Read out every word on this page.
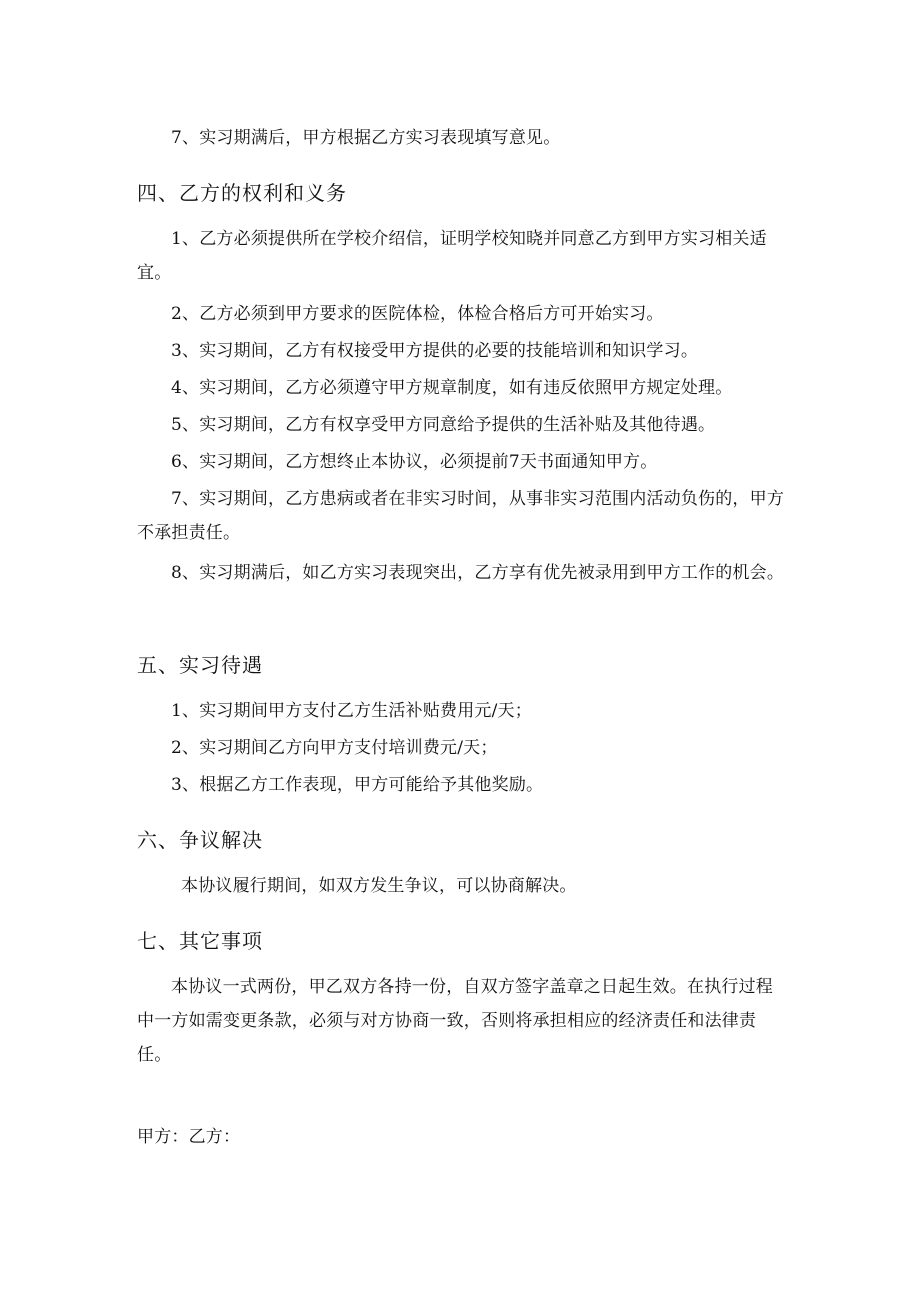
7、实习期满后，甲方根据乙方实习表现填写意见。
四、乙方的权利和义务
1、乙方必须提供所在学校介绍信，证明学校知晓并同意乙方到甲方实习相关适宜。
2、乙方必须到甲方要求的医院体检，体检合格后方可开始实习。
3、实习期间，乙方有权接受甲方提供的必要的技能培训和知识学习。
4、实习期间，乙方必须遵守甲方规章制度，如有违反依照甲方规定处理。
5、实习期间，乙方有权享受甲方同意给予提供的生活补贴及其他待遇。
6、实习期间，乙方想终止本协议，必须提前7天书面通知甲方。
7、实习期间，乙方患病或者在非实习时间，从事非实习范围内活动负伤的，甲方不承担责任。
8、实习期满后，如乙方实习表现突出，乙方享有优先被录用到甲方工作的机会。
五、实习待遇
1、实习期间甲方支付乙方生活补贴费用元/天；
2、实习期间乙方向甲方支付培训费元/天；
3、根据乙方工作表现，甲方可能给予其他奖励。
六、争议解决
本协议履行期间，如双方发生争议，可以协商解决。
七、其它事项
本协议一式两份，甲乙双方各持一份，自双方签字盖章之日起生效。在执行过程中一方如需变更条款，必须与对方协商一致，否则将承担相应的经济责任和法律责任。
甲方：乙方：
